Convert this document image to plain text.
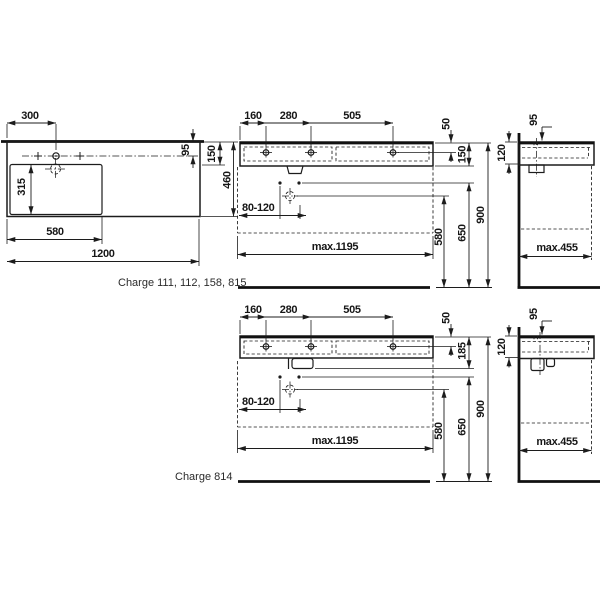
300
315
580
1200
95 150
460
160 280	505
50
150
580 650
900
80-120
max.1195
Charge 111, 112, 158, 815
95
120
max.455
160 280	505
50
185
580 650
900
80-120
max.1195
Charge 814
95
120
max.455
